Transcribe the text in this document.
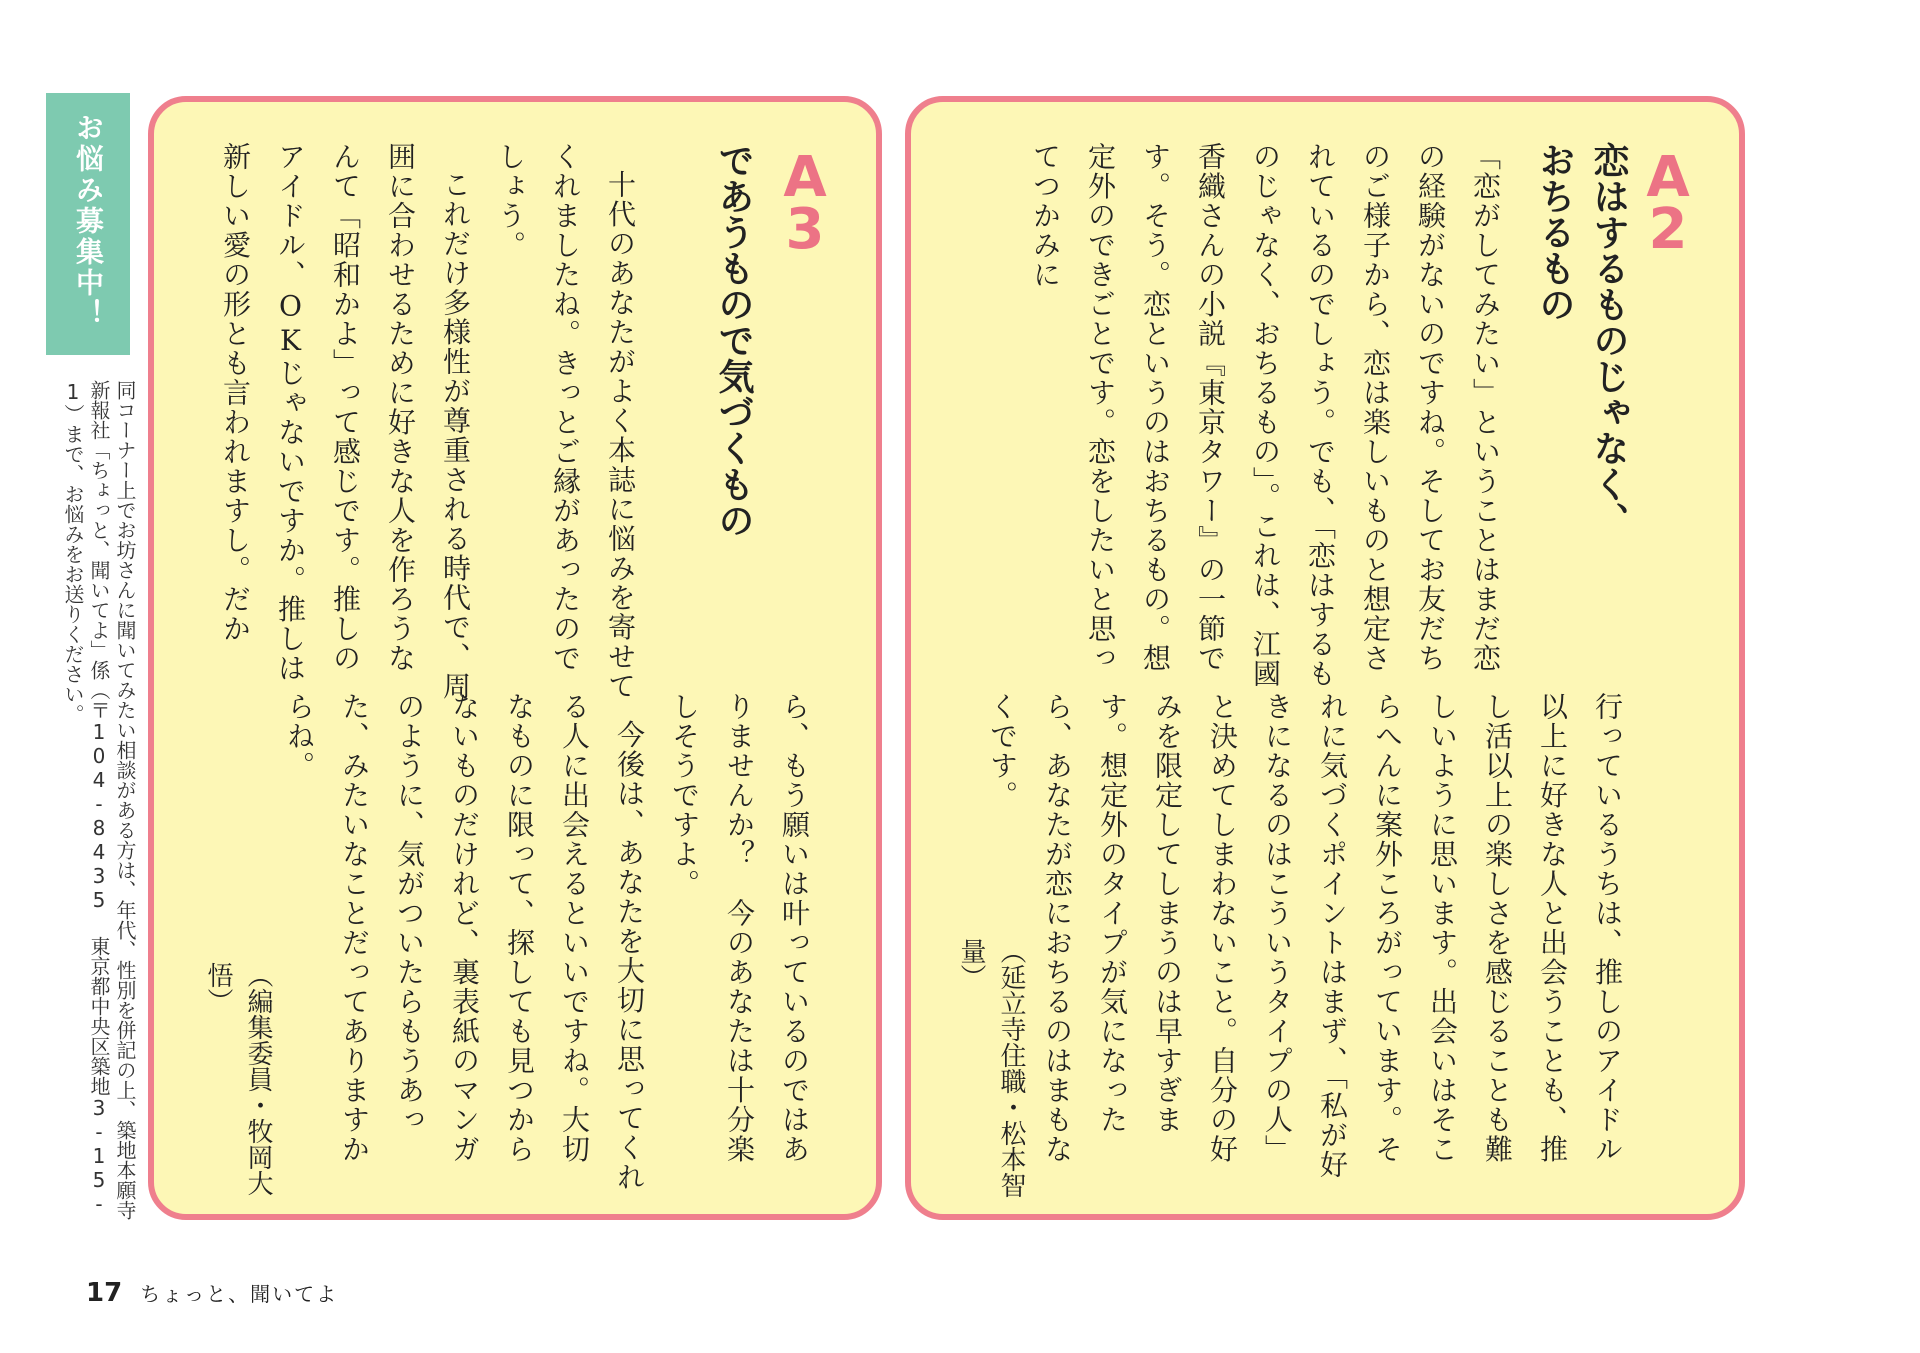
お悩み募集中！
同コーナー上でお坊さんに聞いてみたい相談がある方は、年代、性別を併記の上、築地本願寺新報社「ちょっと、聞いてよ」係（〒104-8435 東京都中央区築地3-15-1）まで、お悩みをお送りください。
A
3
であうもので気づくもの
十代のあなたがよく本誌に悩みを寄せてくれましたね。きっとご縁があったのでしょう。
これだけ多様性が尊重される時代で、周囲に合わせるために好きな人を作ろうなんて「昭和かよ」って感じです。推しのアイドル、OKじゃないですか。推しは新しい愛の形とも言われますし。だか
ら、もう願いは叶っているのではありませんか？　今のあなたは十分楽しそうですよ。
今後は、あなたを大切に思ってくれる人に出会えるといいですね。大切なものに限って、探しても見つからないものだけれど、裏表紙のマンガのように、気がついたらもうあった、みたいなことだってありますからね。
（編集委員・牧岡大悟）
A
2
恋はするものじゃなく、
おちるもの
「恋がしてみたい」ということはまだ恋の経験がないのですね。そしてお友だちのご様子から、恋は楽しいものと想定されているのでしょう。でも、「恋はするものじゃなく、おちるもの」。これは、江國香織さんの小説『東京タワー』の一節です。そう。恋というのはおちるもの。想定外のできごとです。恋をしたいと思ってつかみに
行っているうちは、推しのアイドル以上に好きな人と出会うことも、推し活以上の楽しさを感じることも難しいように思います。出会いはそこらへんに案外ころがっています。それに気づくポイントはまず、「私が好きになるのはこういうタイプの人」と決めてしまわないこと。自分の好みを限定してしまうのは早すぎます。想定外のタイプが気になったら、あなたが恋におちるのはまもなくです。
（延立寺住職・松本智量）
17 ちょっと、聞いてよ
